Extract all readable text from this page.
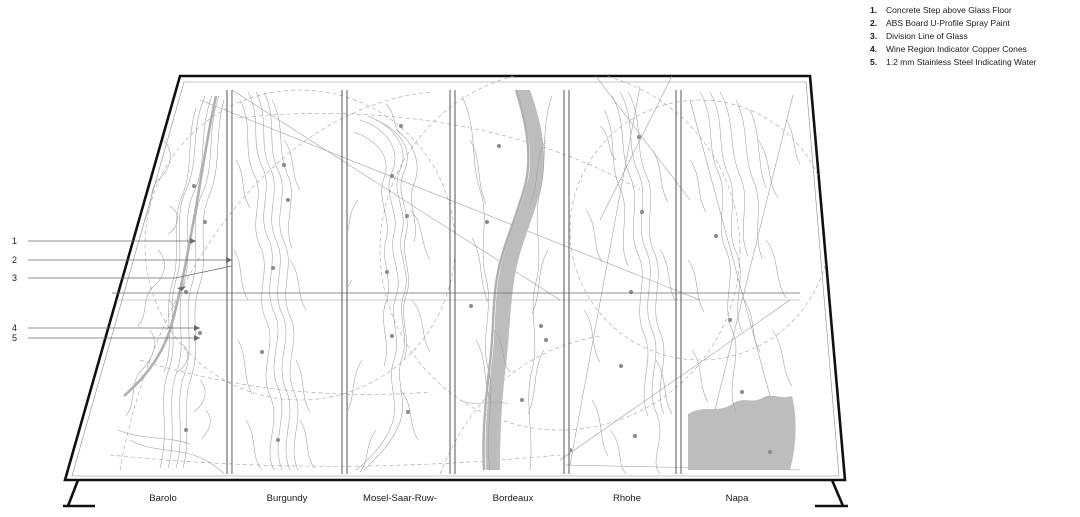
1.	Concrete Step above Glass Floor
2.	ABS Board U-Profile Spray Paint
3.	Division Line of Glass
4.	Wine Region Indicator Copper Cones
5.	1.2 mm Stainless Steel Indicating Water
1
2
3
4
5
Barolo	Burgundy	Mosel-Saar-Ruw-	Bordeaux	Rhohe	Napa
